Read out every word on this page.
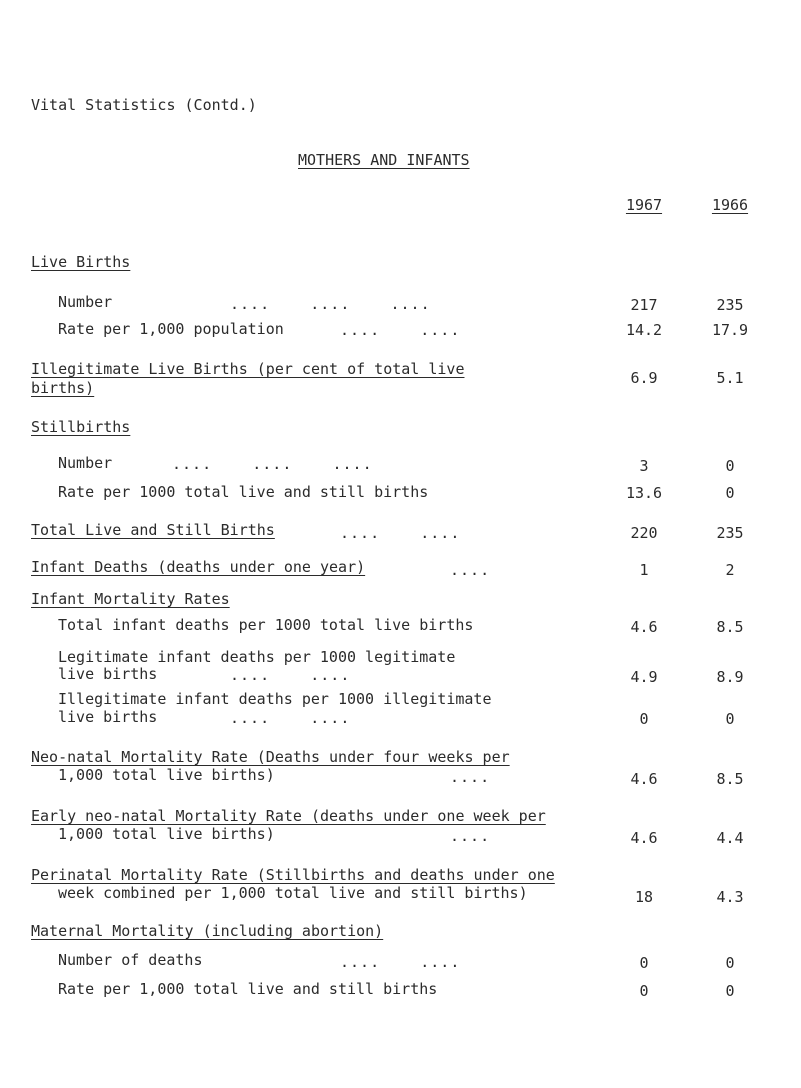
Vital Statistics (Contd.)
MOTHERS AND INFANTS
1967	1966
Live Births
Number	....    ....    ....	217	235
Rate per 1,000 population	....    ....	14.2	17.9
Illegitimate Live Births (per cent of total live
births)
6.9	5.1
Stillbirths
Number	....    ....    ....	3	0
Rate per 1000 total live and still births	13.6	0
Total Live and Still Births	....    ....	220	235
Infant Deaths (deaths under one year)	....	1	2
Infant Mortality Rates
Total infant deaths per 1000 total live births	4.6	8.5
Legitimate infant deaths per 1000 legitimate
live births	....    ....	4.9	8.9
Illegitimate infant deaths per 1000 illegitimate
live births	....    ....	0	0
Neo-natal Mortality Rate (Deaths under four weeks per
1,000 total live births)	....	4.6	8.5
Early neo-natal Mortality Rate (deaths under one week per
1,000 total live births)	....	4.6	4.4
Perinatal Mortality Rate (Stillbirths and deaths under one
week combined per 1,000 total live and still births)	18	4.3
Maternal Mortality (including abortion)
Number of deaths	....    ....	0	0
Rate per 1,000 total live and still births	0	0
